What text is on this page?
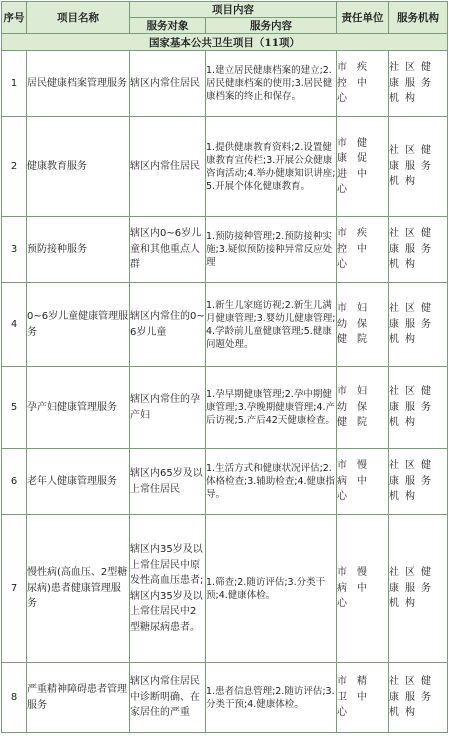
序号	项目名称	项目内容		责任单位	服务机构
		服务对象	服务内容		
国家基本公共卫生项目（11项）					
1	居民健康档案管理服务	辖区内常住居民	1.建立居民健康档案的建立;2.居民健康档案的使用;3.居民健康档案的终止和保存。	市疾控中心	社区健康服务机构
2	健康教育服务	辖区内常住居民	1.提供健康教育资料;2.设置健康教育宣传栏;3.开展公众健康咨询活动;4.举办健康知识讲座;5.开展个体化健康教育。	市健康促进中心	社区健康服务机构
3	预防接种服务	辖区内0~6岁儿童和其他重点人群	1.预防接种管理;2.预防接种实施;3.疑似预防接种异常反应处理	市疾控中心	社区健康服务机构
4	0~6岁儿童健康管理服务	辖区内常住的0~6岁儿童	1.新生儿家庭访视;2.新生儿满月健康管理;3.婴幼儿健康管理;4.学龄前儿童健康管理;5.健康问题处理。	市妇幼保健院	社区健康服务机构
5	孕产妇健康管理服务	辖区内常住的孕产妇	1.孕早期健康管理;2.孕中期健康管理;3.孕晚期健康管理;4.产后访视;5.产后42天健康检查。	市妇幼保健院	社区健康服务机构
6	老年人健康管理服务	辖区内65岁及以上常住居民	1.生活方式和健康状况评估;2.体格检查;3.辅助检查;4.健康指导。	市慢病中心	社区健康服务机构
7	慢性病(高血压、2型糖尿病)患者健康管理服务	辖区内35岁及以上常住居民中原发性高血压患者;辖区内35岁及以上常住居民中2型糖尿病患者。	1.筛查;2.随访评估;3.分类干预;4.健康体检。	市慢病中心	社区健康服务机构
8	严重精神障碍患者管理服务	辖区内常住居民中诊断明确、在家居住的严重	1.患者信息管理;2.随访评估;3.分类干预;4.健康体检。	市精卫中心	社区健康服务机构
